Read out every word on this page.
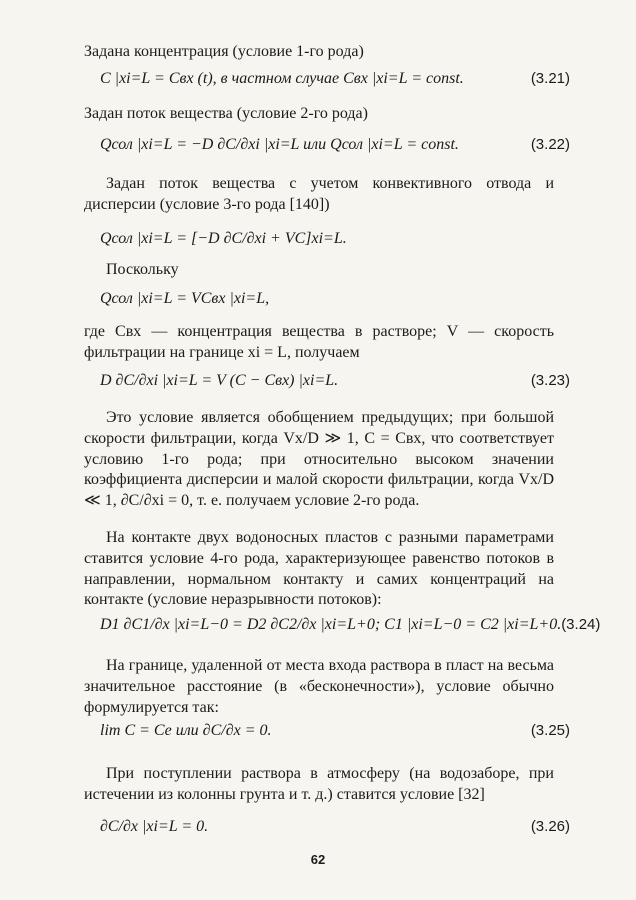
Задана концентрация (условие 1-го рода)

C |xi=L = Cвх (t), в частном случае Cвх |xi=L = const.	(3.21)

Задан поток вещества (условие 2-го рода)

Qсол |xi=L = −D ∂C/∂xi |xi=L или Qсол |xi=L = const.	(3.22)

Задан поток вещества с учетом конвективного отвода и дисперсии (условие 3-го рода [140])

Qсол |xi=L = [−D ∂C/∂xi + VC]xi=L.

Поскольку

Qсол |xi=L = VCвх |xi=L,

где Cвх — концентрация вещества в растворе; V — скорость фильтрации на границе xi = L, получаем

D ∂C/∂xi |xi=L = V (C − Cвх) |xi=L.	(3.23)

Это условие является обобщением предыдущих; при большой скорости фильтрации, когда Vx/D ≫ 1, C = Cвх, что соответствует условию 1-го рода; при относительно высоком значении коэффициента дисперсии и малой скорости фильтрации, когда Vx/D ≪ 1, ∂C/∂xi = 0, т. е. получаем условие 2-го рода.

На контакте двух водоносных пластов с разными параметрами ставится условие 4-го рода, характеризующее равенство потоков в направлении, нормальном контакту и самих концентраций на контакте (условие неразрывности потоков):

D1 ∂C1/∂x |xi=L−0 = D2 ∂C2/∂x |xi=L+0; C1 |xi=L−0 = C2 |xi=L+0. (3.24)

На границе, удаленной от места входа раствора в пласт на весьма значительное расстояние (в «бесконечности»), условие обычно формулируется так:

lim C = Ce или ∂C/∂x = 0.	(3.25)

При поступлении раствора в атмосферу (на водозаборе, при истечении из колонны грунта и т. д.) ставится условие [32]

∂C/∂x |xi=L = 0.	(3.26)
62
